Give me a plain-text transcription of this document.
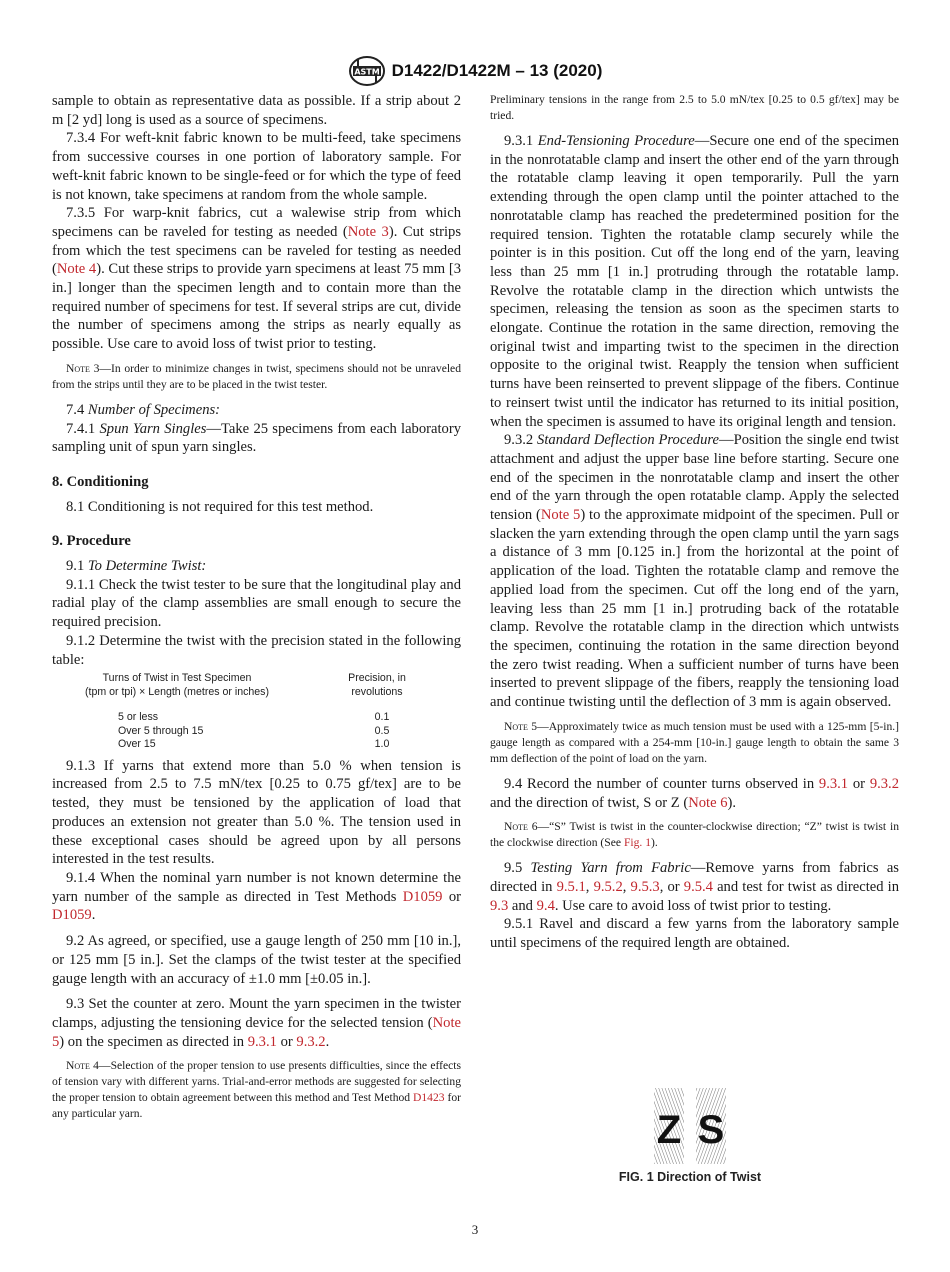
ASTM D1422/D1422M – 13 (2020)

sample to obtain as representative data as possible. If a strip about 2 m [2 yd] long is used as a source of specimens.

7.3.4 For weft-knit fabric known to be multi-feed, take specimens from successive courses in one portion of laboratory sample. For weft-knit fabric known to be single-feed or for which the type of feed is not known, take specimens at random from the whole sample.

7.3.5 For warp-knit fabrics, cut a walewise strip from which specimens can be raveled for testing as needed (Note 3). Cut strips from which the test specimens can be raveled for testing as needed (Note 4). Cut these strips to provide yarn specimens at least 75 mm [3 in.] longer than the specimen length and to contain more than the required number of specimens for test. If several strips are cut, divide the number of specimens among the strips as nearly equally as possible. Use care to avoid loss of twist prior to testing.

Note 3—In order to minimize changes in twist, specimens should not be unraveled from the strips until they are to be placed in the twist tester.

7.4 Number of Specimens:

7.4.1 Spun Yarn Singles—Take 25 specimens from each laboratory sampling unit of spun yarn singles.

8. Conditioning

8.1 Conditioning is not required for this test method.

9. Procedure

9.1 To Determine Twist:

9.1.1 Check the twist tester to be sure that the longitudinal play and radial play of the clamp assemblies are small enough to secure the required precision.

9.1.2 Determine the twist with the precision stated in the following table:

Turns of Twist in Test Specimen
(tpm or tpi) × Length (metres or inches)	Precision, in
revolutions

5 or less	0.1
Over 5 through 15	0.5
Over 15	1.0

9.1.3 If yarns that extend more than 5.0 % when tension is increased from 2.5 to 7.5 mN/tex [0.25 to 0.75 gf/tex] are to be tested, they must be tensioned by the application of load that produces an extension not greater than 5.0 %. The tension used in these exceptional cases should be agreed upon by all persons interested in the test results.

9.1.4 When the nominal yarn number is not known determine the yarn number of the sample as directed in Test Methods D1059 or D1059.

9.2 As agreed, or specified, use a gauge length of 250 mm [10 in.], or 125 mm [5 in.]. Set the clamps of the twist tester at the specified gauge length with an accuracy of ±1.0 mm [±0.05 in.].

9.3 Set the counter at zero. Mount the yarn specimen in the twister clamps, adjusting the tensioning device for the selected tension (Note 5) on the specimen as directed in 9.3.1 or 9.3.2.

Note 4—Selection of the proper tension to use presents difficulties, since the effects of tension vary with different yarns. Trial-and-error methods are suggested for selecting the proper tension to obtain agreement between this method and Test Method D1423 for any particular yarn.

Preliminary tensions in the range from 2.5 to 5.0 mN/tex [0.25 to 0.5 gf/tex] may be tried.

9.3.1 End-Tensioning Procedure—Secure one end of the specimen in the nonrotatable clamp and insert the other end of the yarn through the rotatable clamp leaving it open temporarily. Pull the yarn extending through the open clamp until the pointer attached to the nonrotatable clamp has reached the predetermined position for the required tension. Tighten the rotatable clamp securely while the pointer is in this position. Cut off the long end of the yarn, leaving less than 25 mm [1 in.] protruding through the rotatable lamp. Revolve the rotatable clamp in the direction which untwists the specimen, releasing the tension as soon as the specimen starts to elongate. Continue the rotation in the same direction, removing the original twist and imparting twist to the specimen in the direction opposite to the original twist. Reapply the tension when sufficient turns have been reinserted to prevent slippage of the fibers. Continue to reinsert twist until the indicator has returned to its initial position, when the specimen is assumed to have its original length and tension.

9.3.2 Standard Deflection Procedure—Position the single end twist attachment and adjust the upper base line before starting. Secure one end of the specimen in the nonrotatable clamp and insert the other end of the yarn through the open rotatable clamp. Apply the selected tension (Note 5) to the approximate midpoint of the specimen. Pull or slacken the yarn extending through the open clamp until the yarn sags a distance of 3 mm [0.125 in.] from the horizontal at the point of application of the load. Tighten the rotatable clamp and remove the applied load from the specimen. Cut off the long end of the yarn, leaving less than 25 mm [1 in.] protruding back of the rotatable clamp. Revolve the rotatable clamp in the direction which untwists the specimen, continuing the rotation in the same direction beyond the zero twist reading. When a sufficient number of turns have been inserted to prevent slippage of the fibers, reapply the tensioning load and continue twisting until the deflection of 3 mm is again observed.

Note 5—Approximately twice as much tension must be used with a 125-mm [5-in.] gauge length as compared with a 254-mm [10-in.] gauge length to obtain the same 3 mm deflection of the point of load on the yarn.

9.4 Record the number of counter turns observed in 9.3.1 or 9.3.2 and the direction of twist, S or Z (Note 6).

Note 6—“S” Twist is twist in the counter-clockwise direction; “Z” twist is twist in the clockwise direction (See Fig. 1).

9.5 Testing Yarn from Fabric—Remove yarns from fabrics as directed in 9.5.1, 9.5.2, 9.5.3, or 9.5.4 and test for twist as directed in 9.3 and 9.4. Use care to avoid loss of twist prior to testing.

9.5.1 Ravel and discard a few yarns from the laboratory sample until specimens of the required length are obtained.

Z S
FIG. 1 Direction of Twist
3
